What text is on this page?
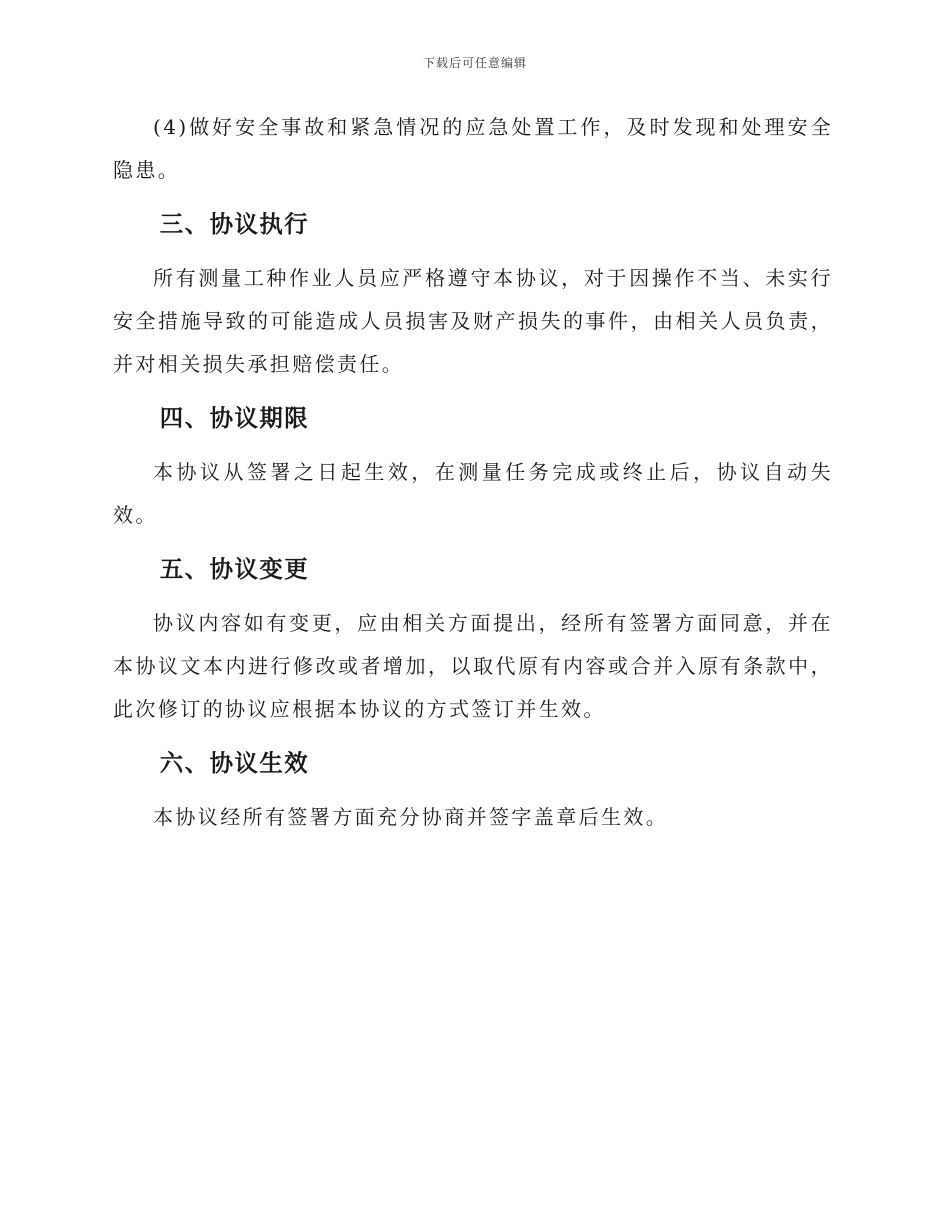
下载后可任意编辑

(4)做好安全事故和紧急情况的应急处置工作，及时发现和处理安全隐患。

三、协议执行

所有测量工种作业人员应严格遵守本协议，对于因操作不当、未实行安全措施导致的可能造成人员损害及财产损失的事件，由相关人员负责，并对相关损失承担赔偿责任。

四、协议期限

本协议从签署之日起生效，在测量任务完成或终止后，协议自动失效。

五、协议变更

协议内容如有变更，应由相关方面提出，经所有签署方面同意，并在本协议文本内进行修改或者增加，以取代原有内容或合并入原有条款中，此次修订的协议应根据本协议的方式签订并生效。

六、协议生效

本协议经所有签署方面充分协商并签字盖章后生效。
